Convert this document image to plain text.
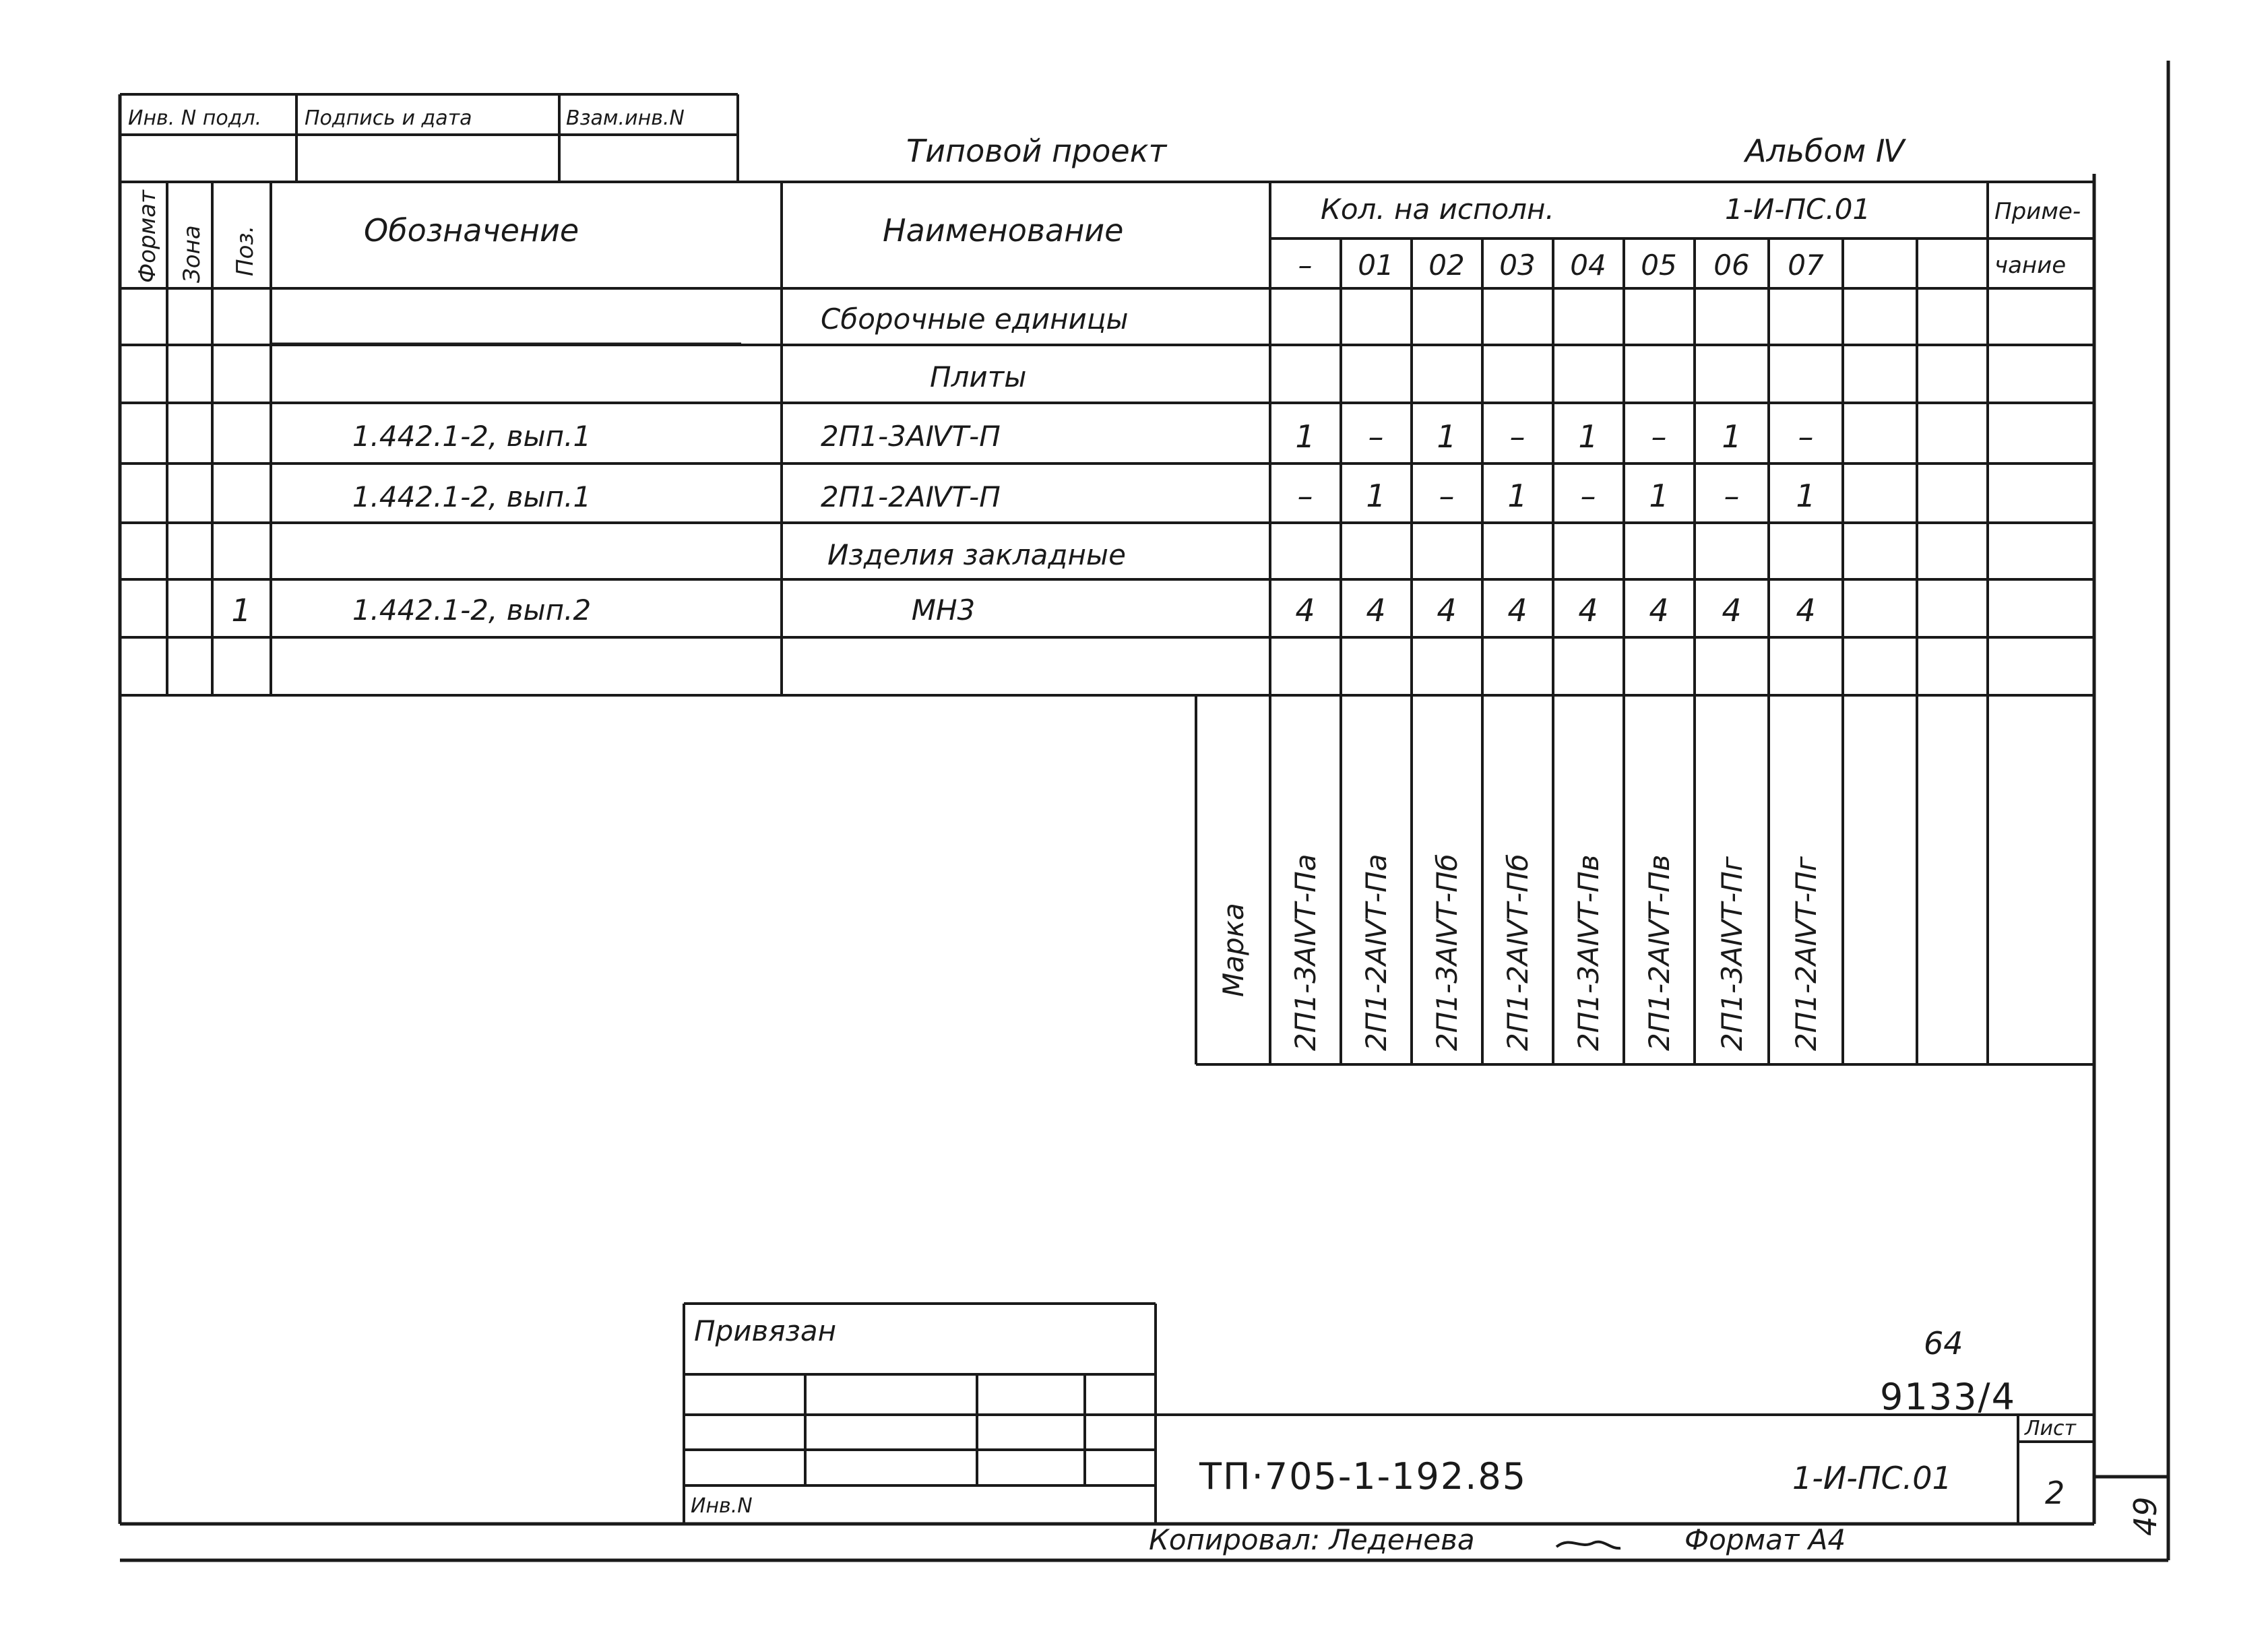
Инв. N подл. Подпись и дата	Взам.инв.N
Типовой проект	Альбом Ⅳ
Формат Зона Поз.	Обозначение	Наименование
Кол. на исполн.	1-И-ПС.01	Приме-
чание
– 01 02 03 04 05 06 07
Сборочные единицы
Плиты
1.442.1-2, вып.1	2П1-3АⅣТ-П	1 – 1 – 1 – 1 –
1.442.1-2, вып.1	2П1-2АⅣТ-П	– 1 – 1 – 1 – 1
Изделия закладные
1	1.442.1-2, вып.2	МН3	4 4 4 4 4 4 4 4
Марка 2П1-3АⅣТ-Па 2П1-2АⅣТ-Па 2П1-3АⅣТ-Пб 2П1-2АⅣТ-Пб 2П1-3АⅣТ-Пв 2П1-2АⅣТ-Пв 2П1-3АⅣТ-Пг 2П1-2АⅣТ-Пг
Привязан
Инв.N
ТП·705-1-192.85	1-И-ПС.01
Лист
2
64
9133/4
Копировал: Леденева	Формат А4
49
